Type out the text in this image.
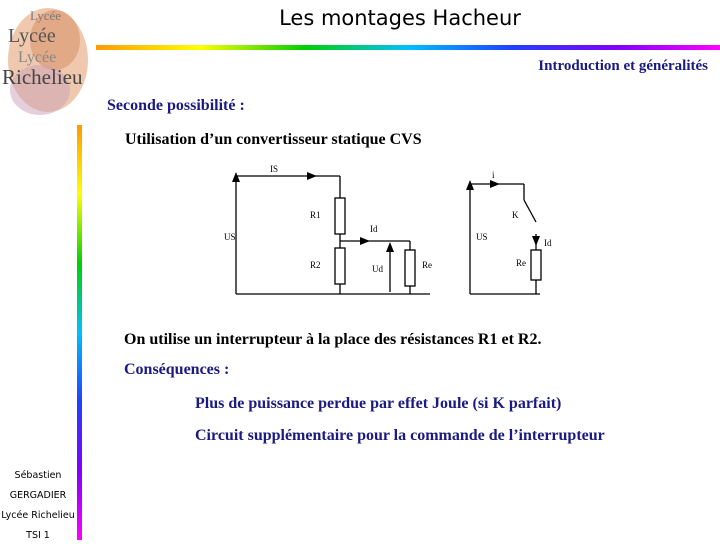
Lycée
Lycée
Lycée
Richelieu
Les montages Hacheur
Introduction et généralités
Seconde possibilité :
Utilisation d’un convertisseur statique CVS
IS
US
R1
R2
Id
Ud	Re
i
K
Id
US
Re
On utilise un interrupteur à la place des résistances R1 et R2.
Conséquences :
Plus de puissance perdue par effet Joule (si K parfait)
Circuit supplémentaire pour la commande de l’interrupteur
Sébastien
GERGADIER
Lycée Richelieu
TSI 1
